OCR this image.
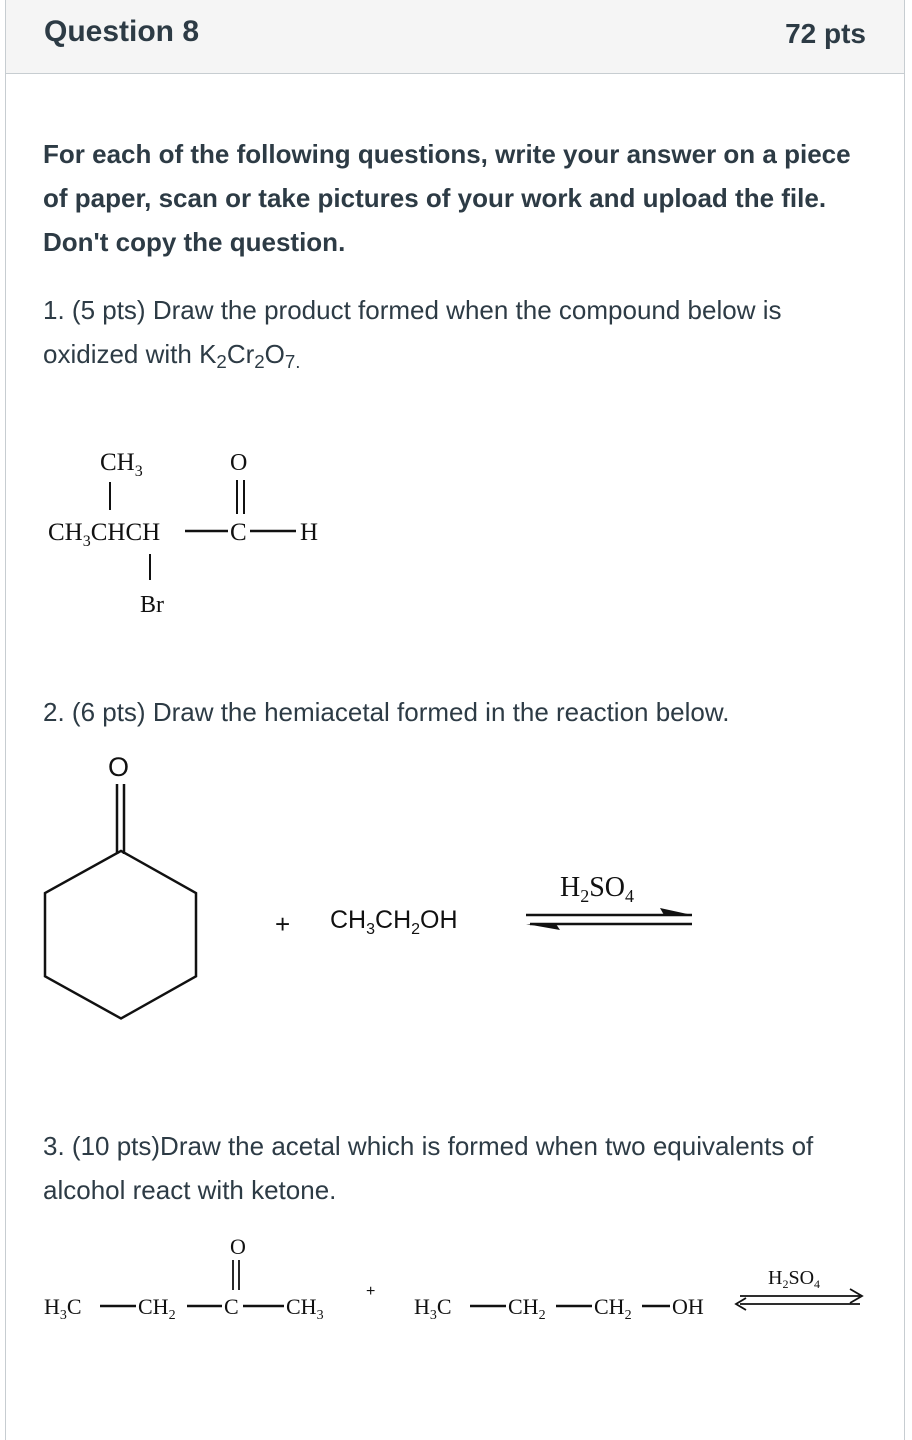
Question 8	72 pts
For each of the following questions, write your answer on a piece of paper, scan or take pictures of your work and upload the file. Don't copy the question.
1. (5 pts) Draw the product formed when the compound below is oxidized with $K_2Cr_2O_{7.}$
$CH_3$	O
$CH_3CHCH$	C H
Br
2. (6 pts) Draw the hemiacetal formed in the reaction below.
O
+ $CH_3CH_2OH$
$H_2SO_4$
3. (10 pts)Draw the acetal which is formed when two equivalents of alcohol react with ketone.
O
$H_3C$	$CH_2$ C $CH_3$
+
$H_3C$	$CH_2$ $CH_2$ OH
$H_2SO_4$
